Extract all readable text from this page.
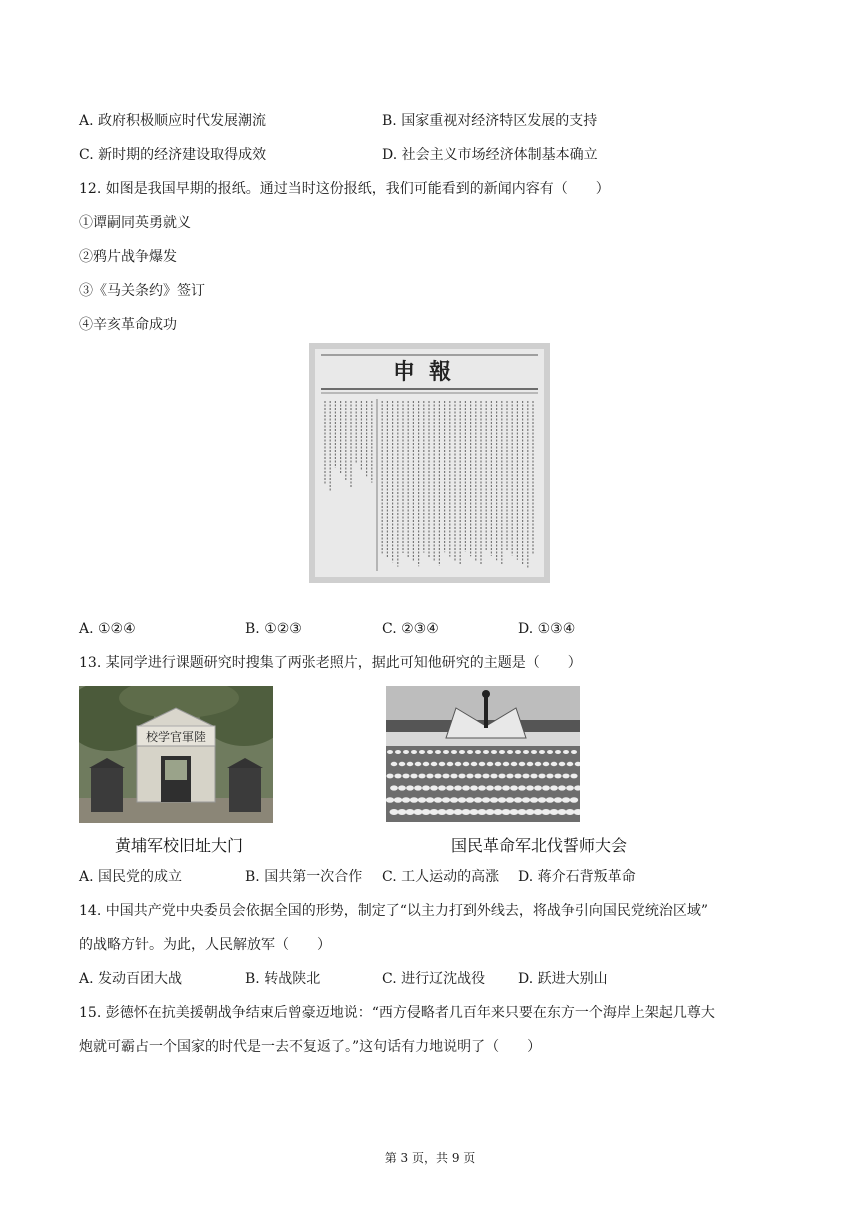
A. 政府积极顺应时代发展潮流	B. 国家重视对经济特区发展的支持
C. 新时期的经济建设取得成效	D. 社会主义市场经济体制基本确立
12. 如图是我国早期的报纸。通过当时这份报纸，我们可能看到的新闻内容有（　　）
①谭嗣同英勇就义
②鸦片战争爆发
③《马关条约》签订
④辛亥革命成功
申報
A. ①②④	B. ①②③	C. ②③④	D. ①③④
13. 某同学进行课题研究时搜集了两张老照片，据此可知他研究的主题是（　　）
校学官軍陸
黄埔军校旧址大门	国民革命军北伐誓师大会
A. 国民党的成立	B. 国共第一次合作 C. 工人运动的高涨 D. 蒋介石背叛革命
14. 中国共产党中央委员会依据全国的形势，制定了“以主力打到外线去，将战争引向国民党统治区域”
的战略方针。为此，人民解放军（　　）
A. 发动百团大战	B. 转战陕北	C. 进行辽沈战役 D. 跃进大别山
15. 彭德怀在抗美援朝战争结束后曾豪迈地说：“西方侵略者几百年来只要在东方一个海岸上架起几尊大
炮就可霸占一个国家的时代是一去不复返了。”这句话有力地说明了（　　）
第 3 页，共 9 页
